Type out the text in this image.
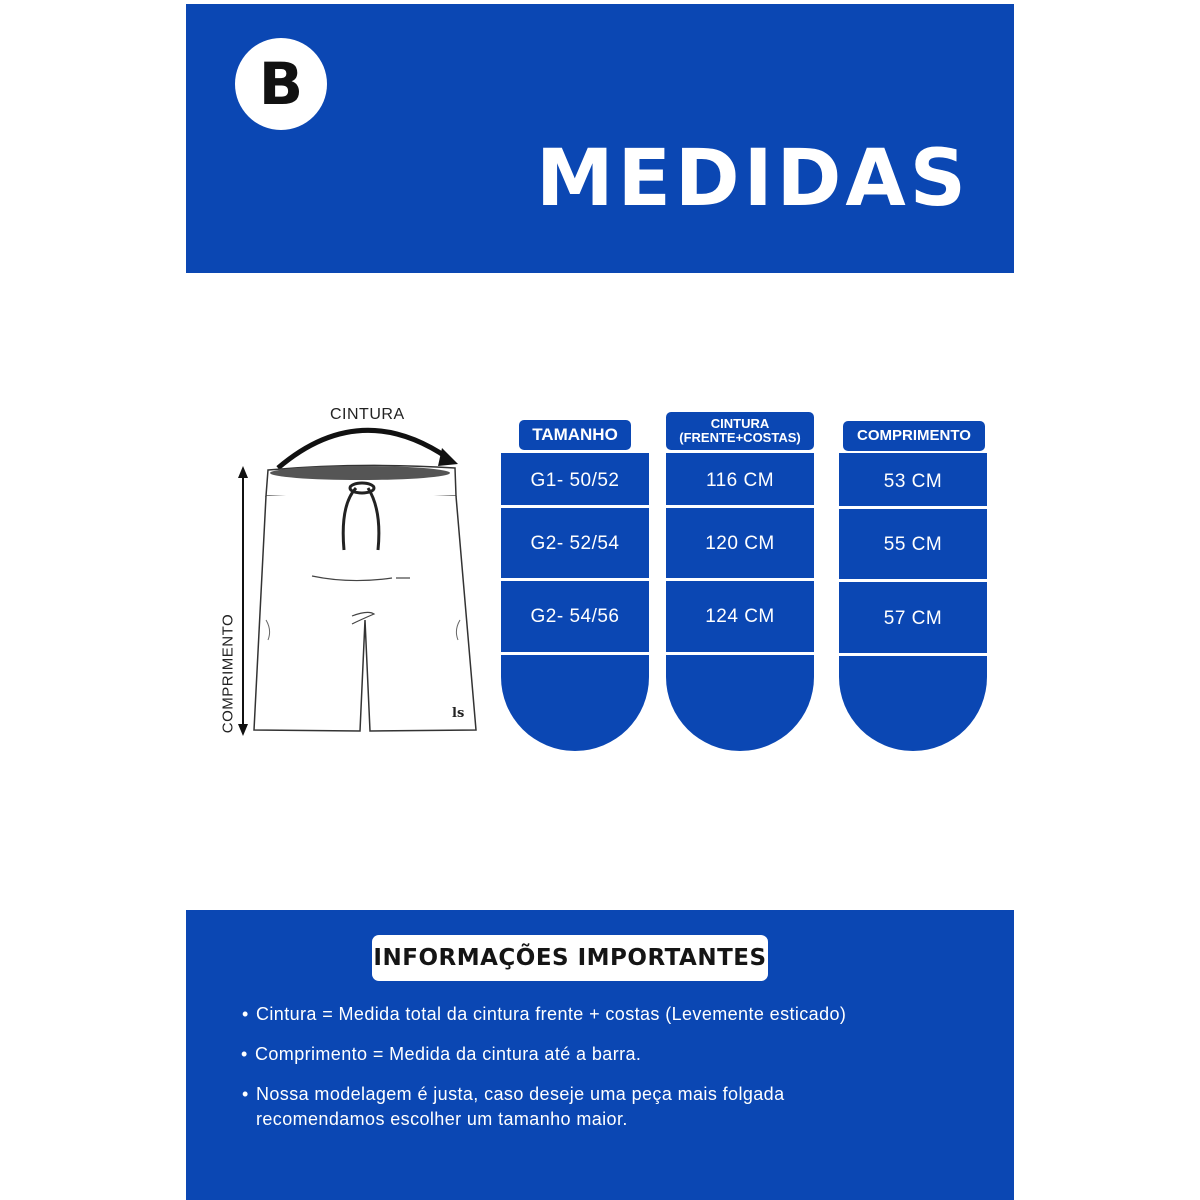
B
MEDIDAS
CINTURA
COMPRIMENTO	ls
G1- 50/52
G2- 52/54
G2- 54/56
TAMANHO
116 CM
120 CM
124 CM
CINTURA
(FRENTE+COSTAS)
53 CM
55 CM
57 CM
COMPRIMENTO
INFORMAÇÕES IMPORTANTES
• Cintura = Medida total da cintura frente + costas (Levemente esticado)
• Comprimento = Medida da cintura até a barra.
• Nossa modelagem é justa, caso deseje uma peça mais folgada
recomendamos escolher um tamanho maior.
